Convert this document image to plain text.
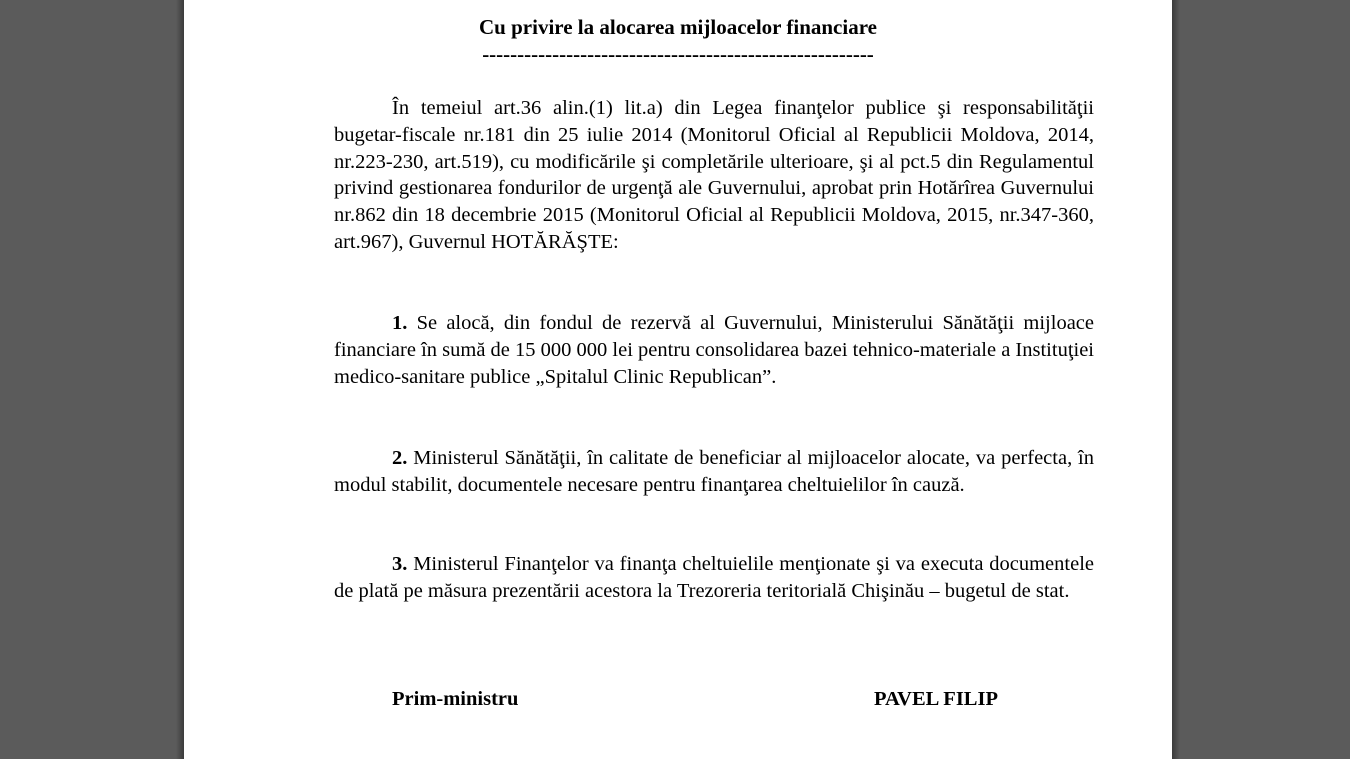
Cu privire la alocarea mijloacelor financiare
--------------------------------------------------------
În temeiul art.36 alin.(1) lit.a) din Legea finanţelor publice şi responsabilităţii bugetar-fiscale nr.181 din 25 iulie 2014 (Monitorul Oficial al Republicii Moldova, 2014, nr.223-230, art.519), cu modificările şi completările ulterioare, şi al pct.5 din Regulamentul privind gestionarea fondurilor de urgenţă ale Guvernului, aprobat prin Hotărîrea Guvernului nr.862 din 18 decembrie 2015 (Monitorul Oficial al Republicii Moldova, 2015, nr.347-360, art.967), Guvernul HOTĂRĂŞTE:
1. Se alocă, din fondul de rezervă al Guvernului, Ministerului Sănătăţii mijloace financiare în sumă de 15 000 000 lei pentru consolidarea bazei tehnico-materiale a Instituţiei medico-sanitare publice „Spitalul Clinic Republican”.
2. Ministerul Sănătăţii, în calitate de beneficiar al mijloacelor alocate, va perfecta, în modul stabilit, documentele necesare pentru finanţarea cheltuielilor în cauză.
3. Ministerul Finanţelor va finanţa cheltuielile menţionate şi va executa documentele de plată pe măsura prezentării acestora la Trezoreria teritorială Chişinău – bugetul de stat.
Prim-ministru	PAVEL FILIP
